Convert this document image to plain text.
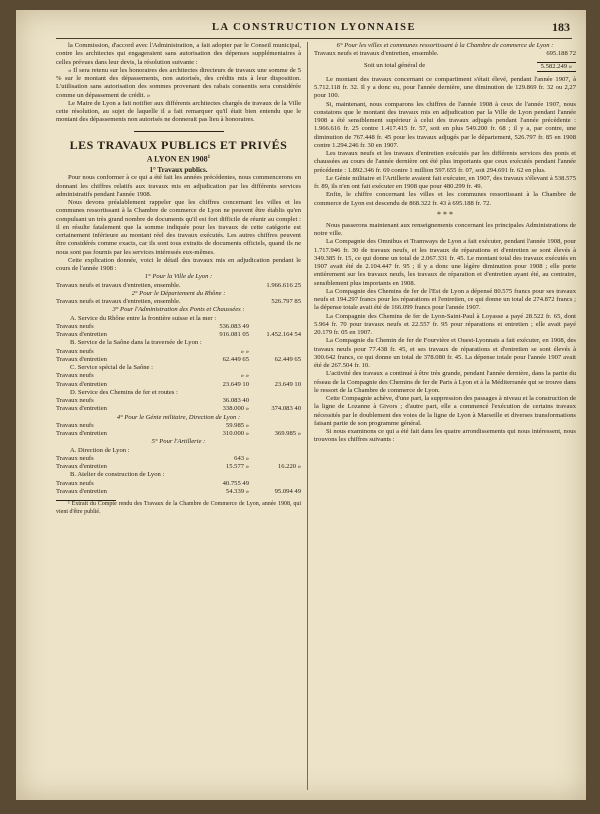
LA CONSTRUCTION LYONNAISE	183

la Commission, d'accord avec l'Administration, a fait adopter par le Conseil municipal, contre les architectes qui engageraient sans autorisation des dépenses supplémentaires à celles prévues dans leur devis, la résolution suivante :

« Il sera retenu sur les honoraires des architectes directeurs de travaux une somme de 5 % sur le montant des dépassements, non autorisés, des crédits mis à leur disposition. L'utilisation sans autorisation des sommes provenant des rabais consentis sera considérée comme un dépassement de crédit. »

Le Maire de Lyon a fait notifier aux différents architectes chargés de travaux de la Ville cette résolution, au sujet de laquelle il a fait remarquer qu'il était bien entendu que le montant des dépassements non autorisés ne donnerait pas lieu à honoraires.

LES TRAVAUX PUBLICS ET PRIVÉS
A LYON EN 1908$^1$
1° Travaux publics.

Pour nous conformer à ce qui a été fait les années précédentes, nous commencerons en donnant les chiffres relatifs aux travaux mis en adjudication par les différents services administratifs pendant l'année 1908.

Nous devons préalablement rappeler que les chiffres concernant les villes et les communes ressortissant à la Chambre de commerce de Lyon ne peuvent être établis qu'en compulsant un très grand nombre de documents qu'il est fort difficile de réunir au complet : il en résulte fatalement que la somme indiquée pour les travaux de cette catégorie est certainement inférieure au montant réel des travaux exécutés. Les autres chiffres peuvent être considérés comme exacts, car ils sont tous extraits de documents officiels, quand ils ne nous sont pas fournis par les services intéressés eux-mêmes.

Cette explication donnée, voici le détail des travaux mis en adjudication pendant le cours de l'année 1908 :

1° Pour la Ville de Lyon :

Travaux neufs et travaux d'entretien, ensemble.	1.966.616 25

2° Pour le Département du Rhône :

Travaux neufs et travaux d'entretien, ensemble.	526.797 85

3° Pour l'Administration des Ponts et Chaussées :

A. Service du Rhône entre la frontière suisse et la mer :

Travaux neufs	536.083 49
Travaux d'entretien	916.081 05	1.452.164 54

B. Service de la Saône dans la traversée de Lyon :

Travaux neufs	» »
Travaux d'entretien	62.449 65	62.449 65

C. Service spécial de la Saône :

Travaux neufs	» »
Travaux d'entretien	23.649 10	23.649 10

D. Service des Chemins de fer et routes :

Travaux neufs	36.083 40
Travaux d'entretien	338.000 »	374.083 40

4° Pour le Génie militaire, Direction de Lyon :

Travaux neufs	59.985 »
Travaux d'entretien	310.000 »	369.985 »

5° Pour l'Artillerie :

A. Direction de Lyon :

Travaux neufs	643 »
Travaux d'entretien	15.577 »	16.220 »

B. Atelier de construction de Lyon :

Travaux neufs	40.755 49
Travaux d'entretien	54.339 »	95.094 49

¹ Extrait du Compte rendu des Travaux de la Chambre de Commerce de Lyon, année 1908, qui vient d'être publié.

6° Pour les villes et communes ressortissant à la Chambre de commerce de Lyon :

Travaux neufs et travaux d'entretien, ensemble.	695.188 72
Soit un total général de	5.582.249 »

Le montant des travaux concernant ce compartiment s'était élevé, pendant l'année 1907, à 5.712.118 fr. 32. Il y a donc eu, pour l'année dernière, une diminution de 129.869 fr. 32 ou 2,27 pour 100.

Si, maintenant, nous comparons les chiffres de l'année 1908 à ceux de l'année 1907, nous constatons que le montant des travaux mis en adjudication par la Ville de Lyon pendant l'année 1908 a été sensiblement supérieur à celui des travaux adjugés pendant l'année précédente : 1.966.616 fr. 25 contre 1.417.415 fr. 57, soit en plus 549.200 fr. 68 ; il y a, par contre, une diminution de 767.448 fr. 45 pour les travaux adjugés par le département, 526.797 fr. 85 en 1908 contre 1.294.246 fr. 30 en 1907.

Les travaux neufs et les travaux d'entretien exécutés par les différents services des ponts et chaussées au cours de l'année dernière ont été plus importants que ceux exécutés pendant l'année précédente : 1.892.346 fr. 69 contre 1 million 597.655 fr. 07, soit 294.691 fr. 62 en plus.

Le Génie militaire et l'Artillerie avaient fait exécuter, en 1907, des travaux s'élevant à 538.575 fr. 89, ils n'en ont fait exécuter en 1908 que pour 480.299 fr. 49.

Enfin, le chiffre concernant les villes et les communes ressortissant à la Chambre de commerce de Lyon est descendu de 868.322 fr. 43 à 695.188 fr. 72.

* * *

Nous passerons maintenant aux renseignements concernant les principales Administrations de notre ville.

La Compagnie des Omnibus et Tramways de Lyon a fait exécuter, pendant l'année 1908, pour 1.717.946 fr. 30 de travaux neufs, et les travaux de réparations et d'entretien se sont élevés à 349.385 fr. 15, ce qui donne un total de 2.067.331 fr. 45. Le montant total des travaux exécutés en 1907 avait été de 2.104.447 fr. 95 ; il y a donc une légère diminution pour 1908 ; elle porte entièrement sur les travaux neufs, les travaux de réparation et d'entretien ayant été, au contraire, sensiblement plus importants en 1908.

La Compagnie des Chemins de fer de l'Est de Lyon a dépensé 80.575 francs pour ses travaux neufs et 194.297 francs pour les réparations et l'entretien, ce qui donne un total de 274.872 francs ; la dépense totale avait été de 166.099 francs pour l'année 1907.

La Compagnie des Chemins de fer de Lyon-Saint-Paul à Loyasse a payé 28.522 fr. 65, dont 5.964 fr. 70 pour travaux neufs et 22.557 fr. 95 pour réparations et entretien ; elle avait payé 20.179 fr. 05 en 1907.

La Compagnie du Chemin de fer de Fourvière et Ouest-Lyonnais a fait exécuter, en 1908, des travaux neufs pour 77.438 fr. 45, et ses travaux de réparations et d'entretien se sont élevés à 300.642 francs, ce qui donne un total de 378.080 fr. 45. La dépense totale pour l'année 1907 avait été de 267.504 fr. 10.

L'activité des travaux a continué à être très grande, pendant l'année dernière, dans la partie du réseau de la Compagnie des Chemins de fer de Paris à Lyon et à la Méditerranée qui se trouve dans le ressort de la Chambre de commerce de Lyon.

Cette Compagnie achève, d'une part, la suppression des passages à niveau et la construction de la ligne de Lozanne à Givors ; d'autre part, elle a commencé l'exécution de certains travaux nécessités par le doublement des voies de la ligne de Lyon à Marseille et diverses transformations faisant partie de son programme général.

Si nous examinons ce qui a été fait dans les quatre arrondissements qui nous intéressent, nous trouvons les chiffres suivants :
